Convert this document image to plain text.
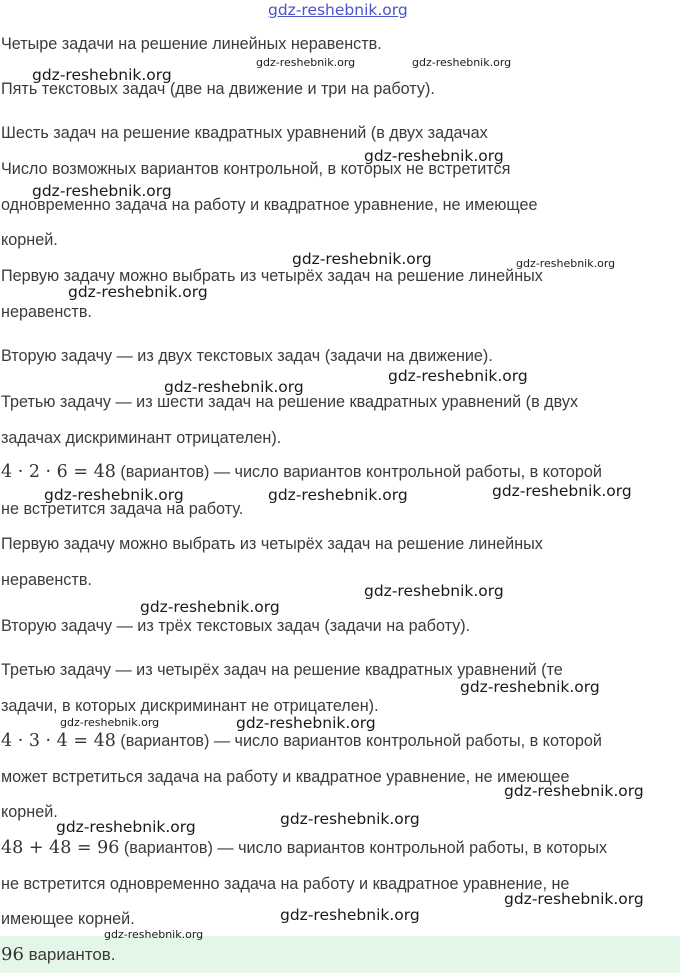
gdz-reshebnik.org
Четыре задачи на решение линейных неравенств.
Пять текстовых задач (две на движение и три на работу).
Шесть задач на решение квадратных уравнений (в двух задачах
Число возможных вариантов контрольной, в которых не встретится
одновременно задача на работу и квадратное уравнение, не имеющее
корней.
Первую задачу можно выбрать из четырёх задач на решение линейных
неравенств.
Вторую задачу — из двух текстовых задач (задачи на движение).
Третью задачу — из шести задач на решение квадратных уравнений (в двух
задачах дискриминант отрицателен).
4 · 2 · 6 = 48 (вариантов) — число вариантов контрольной работы, в которой
не встретится задача на работу.
Первую задачу можно выбрать из четырёх задач на решение линейных
неравенств.
Вторую задачу — из трёх текстовых задач (задачи на работу).
Третью задачу — из четырёх задач на решение квадратных уравнений (те
задачи, в которых дискриминант не отрицателен).
4 · 3 · 4 = 48 (вариантов) — число вариантов контрольной работы, в которой
может встретиться задача на работу и квадратное уравнение, не имеющее
корней.
48 + 48 = 96 (вариантов) — число вариантов контрольной работы, в которых
не встретится одновременно задача на работу и квадратное уравнение, не
имеющее корней.
96 вариантов.
gdz-reshebnik.org
gdz-reshebnik.org	gdz-reshebnik.org
gdz-reshebnik.org
gdz-reshebnik.org
gdz-reshebnik.org	gdz-reshebnik.org
gdz-reshebnik.org
gdz-reshebnik.org
gdz-reshebnik.org
gdz-reshebnik.org	gdz-reshebnik.org	gdz-reshebnik.org
gdz-reshebnik.org
gdz-reshebnik.org
gdz-reshebnik.org
gdz-reshebnik.org	gdz-reshebnik.org
gdz-reshebnik.org
gdz-reshebnik.org
gdz-reshebnik.org
gdz-reshebnik.org
gdz-reshebnik.org
gdz-reshebnik.org
